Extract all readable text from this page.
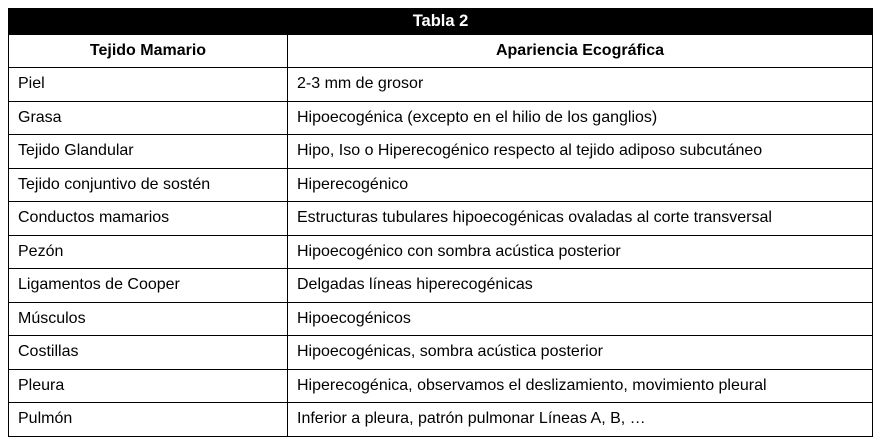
Tabla 2	
Tejido Mamario	Apariencia Ecográfica
Piel	2-3 mm de grosor
Grasa	Hipoecogénica (excepto en el hilio de los ganglios)
Tejido Glandular	Hipo, Iso o Hiperecogénico respecto al tejido adiposo subcutáneo
Tejido conjuntivo de sostén	Hiperecogénico
Conductos mamarios	Estructuras tubulares hipoecogénicas ovaladas al corte transversal
Pezón	Hipoecogénico con sombra acústica posterior
Ligamentos de Cooper	Delgadas líneas hiperecogénicas
Músculos	Hipoecogénicos
Costillas	Hipoecogénicas, sombra acústica posterior
Pleura	Hiperecogénica, observamos el deslizamiento, movimiento pleural
Pulmón	Inferior a pleura, patrón pulmonar Líneas A, B, …
